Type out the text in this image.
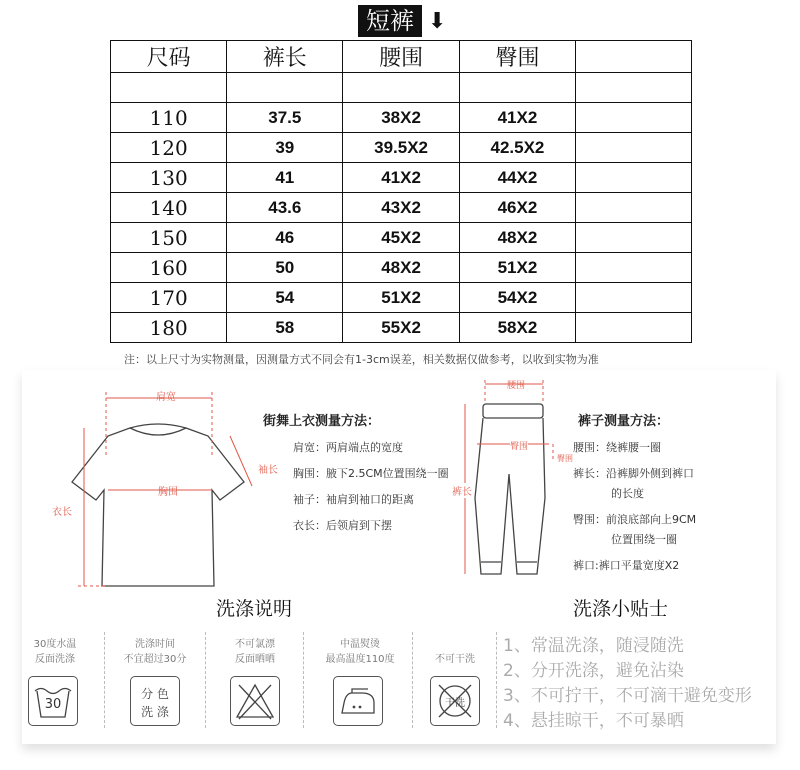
短裤 ⬇
尺码	裤长	腰围	臀围	

110	37.5	38X2	41X2	
120	39	39.5X2	42.5X2	
130	41	41X2	44X2	
140	43.6	43X2	46X2	
150	46	45X2	48X2	
160	50	48X2	51X2	
170	54	51X2	54X2	
180	58	55X2	58X2	
注：以上尺寸为实物测量，因测量方式不同会有1-3cm误差，相关数据仅做参考，以收到实物为准
肩宽
胸围
袖长
衣长
街舞上衣测量方法：
肩宽：两肩端点的宽度
胸围：腋下2.5CM位置围绕一圈
袖子：袖肩到袖口的距离
衣长：后领肩到下摆
腰围
臀围
臀围
裤长
裤子测量方法：
腰围：绕裤腰一圈
裤长：沿裤脚外侧到裤口
的长度
臀围：前浪底部向上9CM
位置围绕一圈
裤口:裤口平量宽度X2
洗涤说明	洗涤小贴士
30度水温
反面洗涤
洗涤时间
不宜超过30分
不可氯漂
反面晒晒
中温熨烫
最高温度110度	不可干洗
30
分 色
洗 涤
干洗
1、常温洗涤，随浸随洗
2、分开洗涤，避免沾染
3、不可拧干，不可滴干避免变形
4、悬挂晾干，不可暴晒
